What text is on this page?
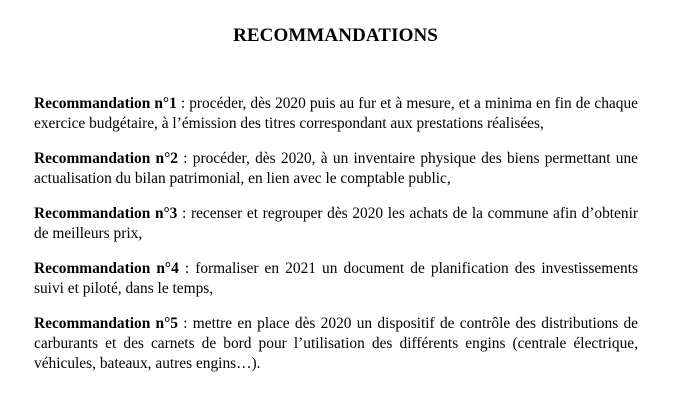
RECOMMANDATIONS

Recommandation n°1 : procéder, dès 2020 puis au fur et à mesure, et a minima en fin de chaque exercice budgétaire, à l’émission des titres correspondant aux prestations réalisées,

Recommandation n°2 : procéder, dès 2020, à un inventaire physique des biens permettant une actualisation du bilan patrimonial, en lien avec le comptable public,

Recommandation n°3 : recenser et regrouper dès 2020 les achats de la commune afin d’obtenir de meilleurs prix,

Recommandation n°4 : formaliser en 2021 un document de planification des investissements suivi et piloté, dans le temps,

Recommandation n°5 : mettre en place dès 2020 un dispositif de contrôle des distributions de carburants et des carnets de bord pour l’utilisation des différents engins (centrale électrique, véhicules, bateaux, autres engins…).
